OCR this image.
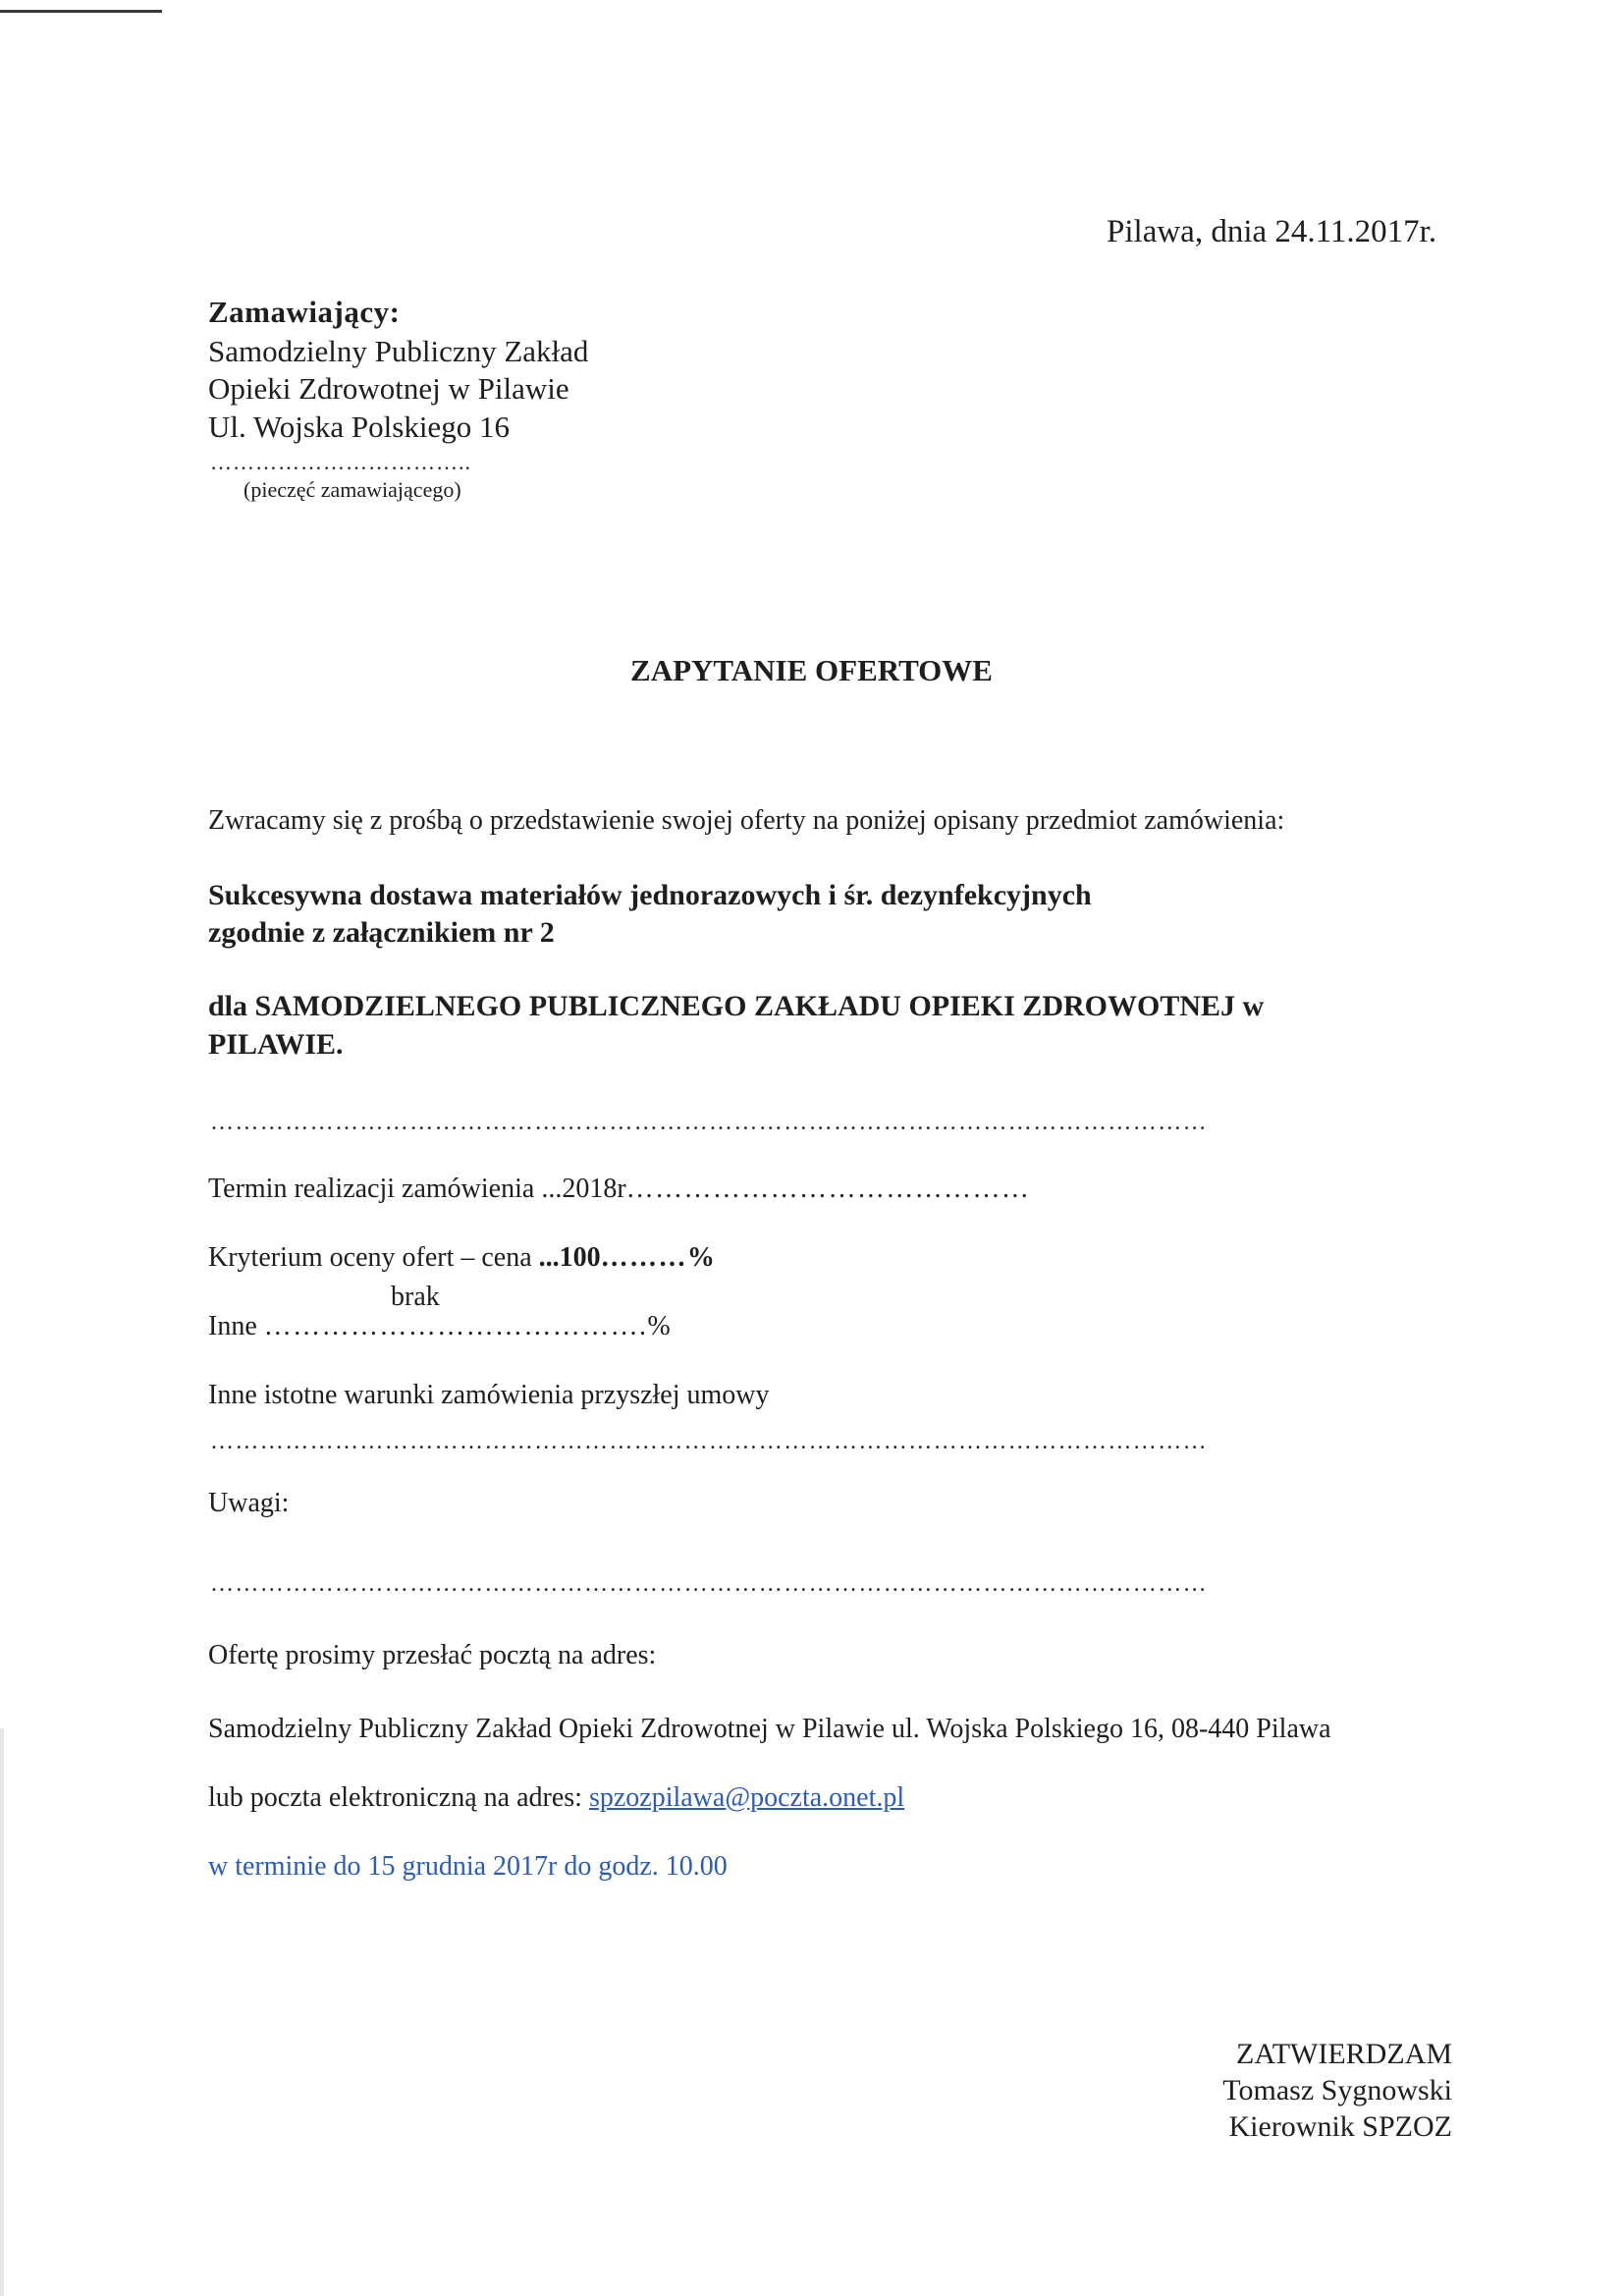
Pilawa, dnia 24.11.2017r.
Zamawiający:
Samodzielny Publiczny Zakład
Opieki Zdrowotnej w Pilawie
Ul. Wojska Polskiego 16
……………………………..
(pieczęć zamawiającego)
ZAPYTANIE OFERTOWE
Zwracamy się z prośbą o przedstawienie swojej oferty na poniżej opisany przedmiot zamówienia:
Sukcesywna dostawa materiałów jednorazowych i śr. dezynfekcyjnych
zgodnie z załącznikiem nr 2
dla SAMODZIELNEGO PUBLICZNEGO ZAKŁADU OPIEKI ZDROWOTNEJ w
PILAWIE.
…………………………………………………………………………………………………………
Termin realizacji zamówienia ...2018r……………………………………
Kryterium oceny ofert – cena ...100………%
brak
Inne ………………………………….%
Inne istotne warunki zamówienia przyszłej umowy
…………………………………………………………………………………………………………
Uwagi:
…………………………………………………………………………………………………………
Ofertę prosimy przesłać pocztą na adres:
Samodzielny Publiczny Zakład Opieki Zdrowotnej w Pilawie ul. Wojska Polskiego 16, 08-440 Pilawa
lub poczta elektroniczną na adres: spzozpilawa@poczta.onet.pl
w terminie do 15 grudnia 2017r do godz. 10.00
ZATWIERDZAM
Tomasz Sygnowski
Kierownik SPZOZ
